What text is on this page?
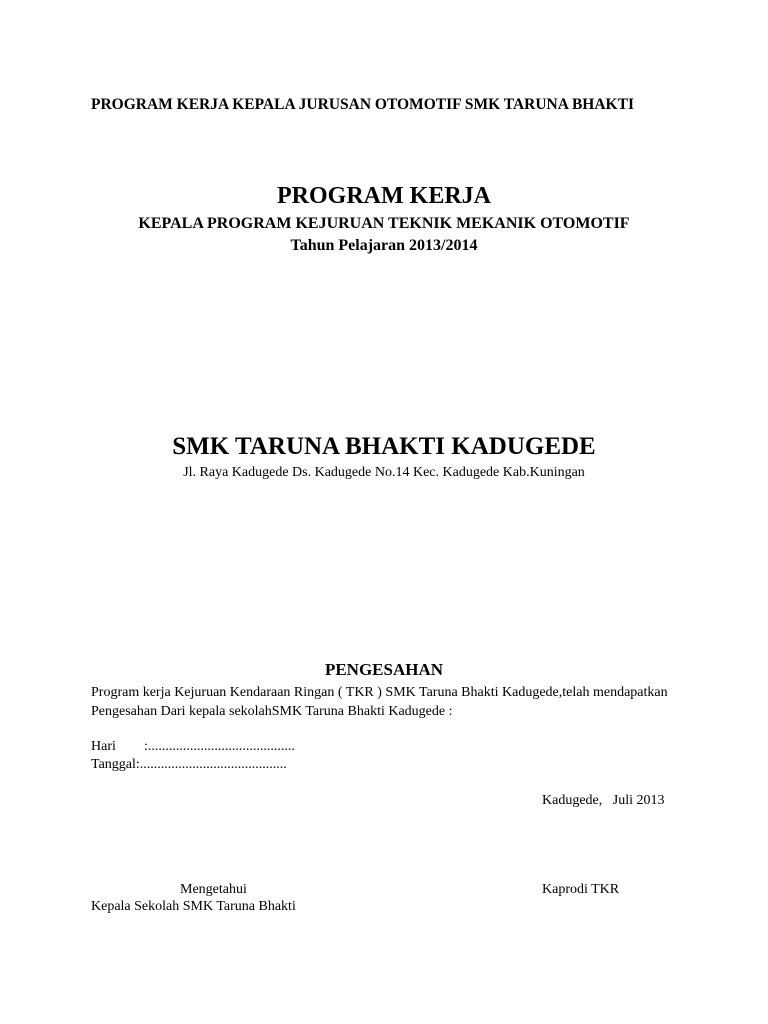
PROGRAM KERJA KEPALA JURUSAN OTOMOTIF SMK TARUNA BHAKTI
PROGRAM KERJA
KEPALA PROGRAM KEJURUAN TEKNIK MEKANIK OTOMOTIF
Tahun Pelajaran 2013/2014
SMK TARUNA BHAKTI KADUGEDE
Jl. Raya Kadugede Ds. Kadugede No.14 Kec. Kadugede Kab.Kuningan
PENGESAHAN
Program kerja Kejuruan Kendaraan Ringan ( TKR ) SMK Taruna Bhakti Kadugede,telah mendapatkan Pengesahan Dari kepala sekolahSMK Taruna Bhakti Kadugede :
Hari :..........................................
Tanggal:..........................................
Kadugede,   Juli 2013
Mengetahui	Kaprodi TKR
Kepala Sekolah SMK Taruna Bhakti
